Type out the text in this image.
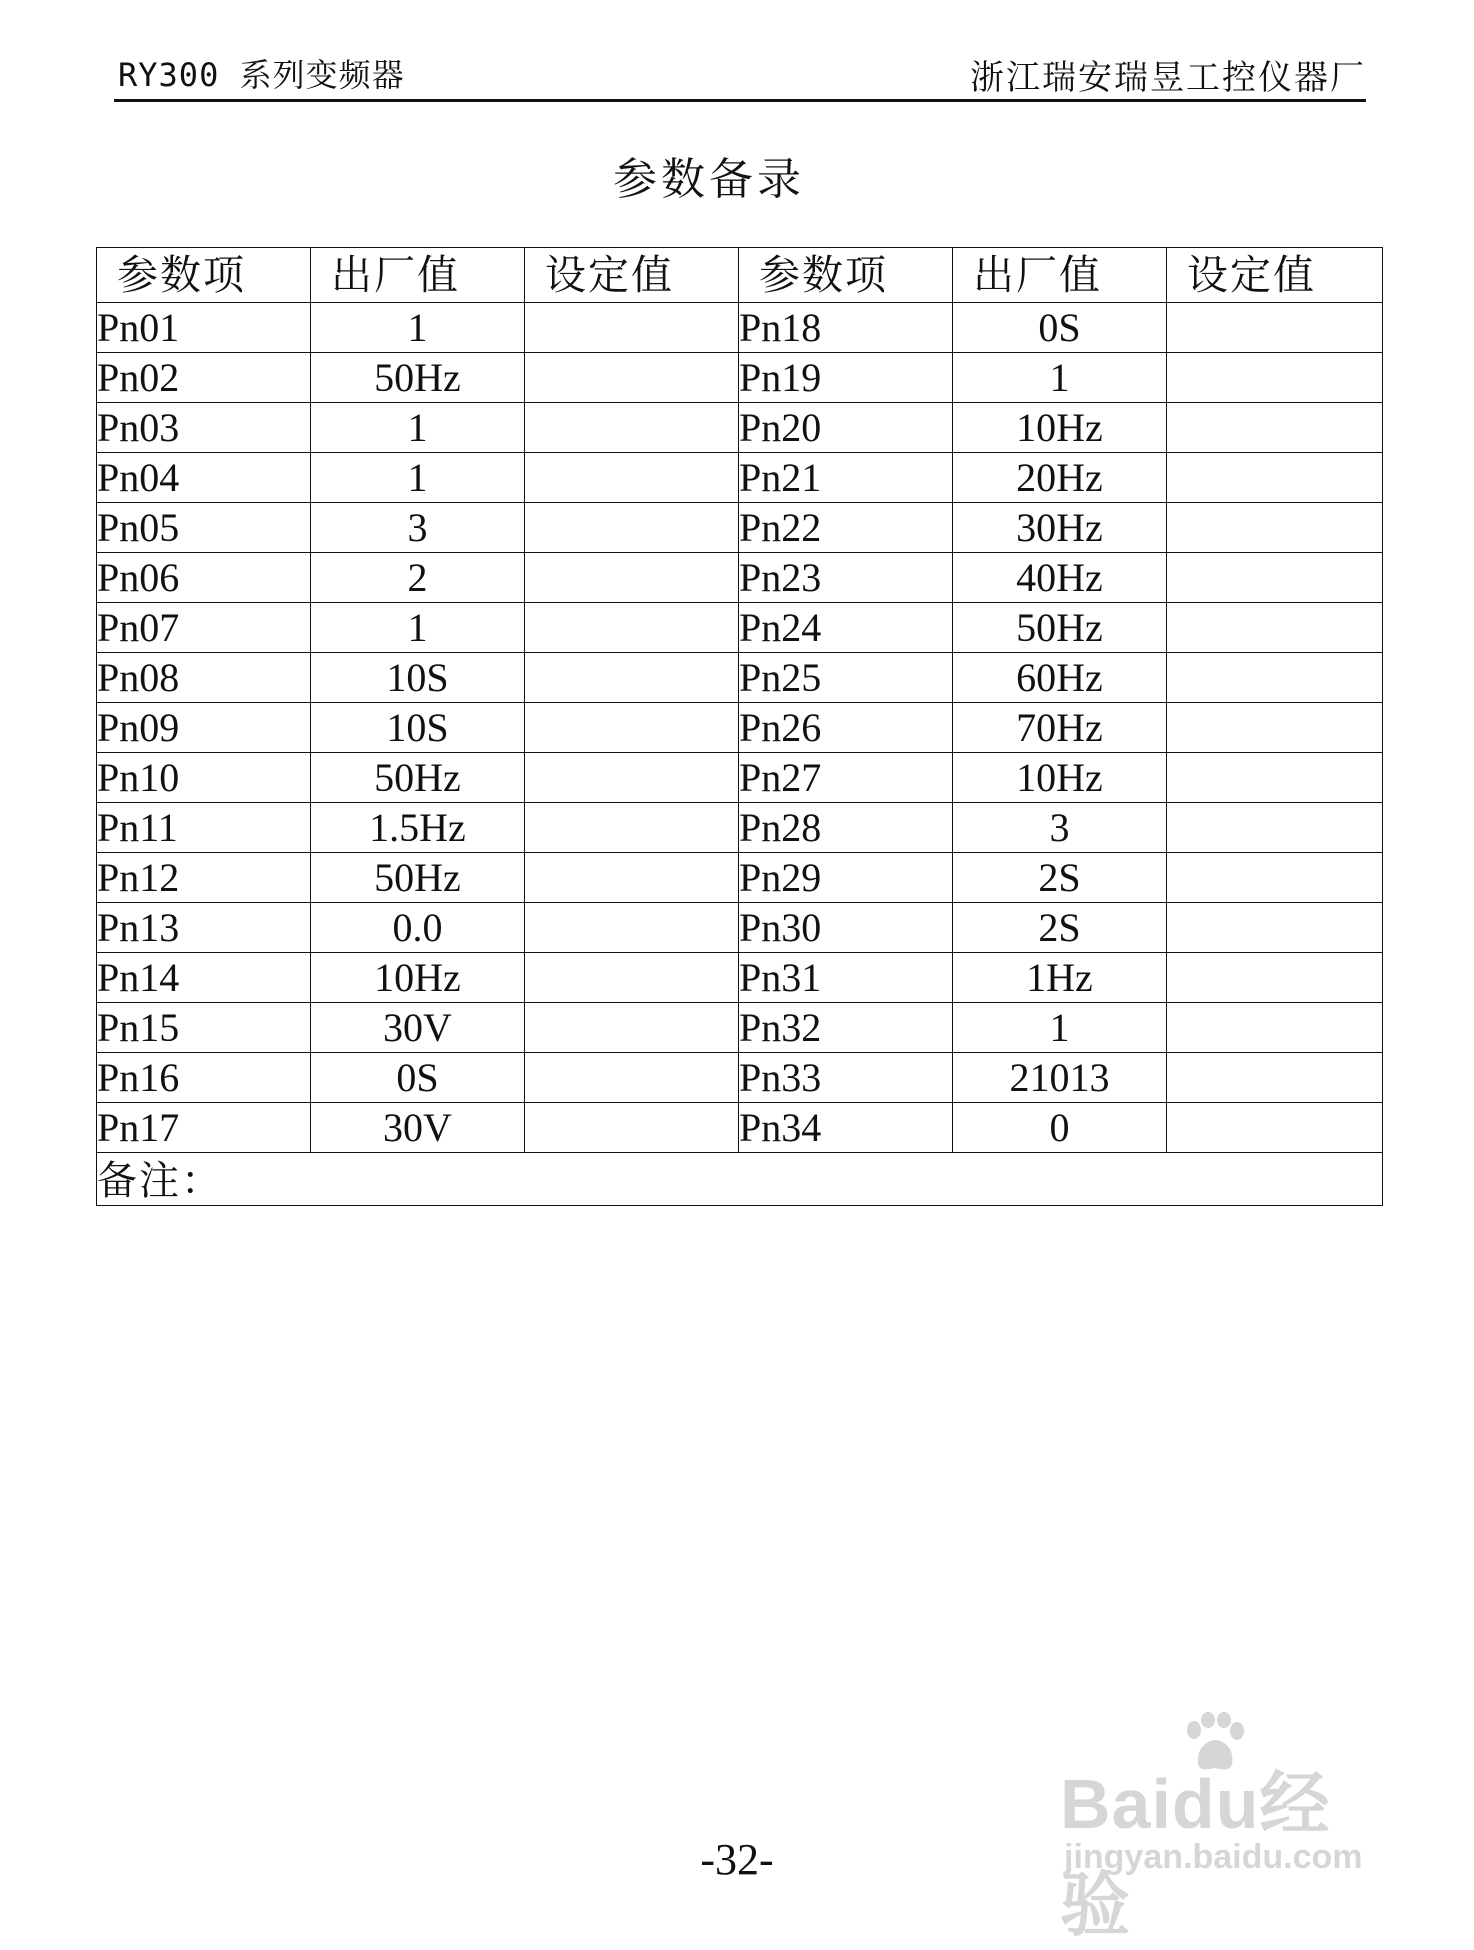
RY300 系列变频器	浙江瑞安瑞昱工控仪器厂
参数备录
参数项	出厂值	设定值	参数项	出厂值	设定值
Pn01	1		Pn18	0S	
Pn02	50Hz		Pn19	1	
Pn03	1		Pn20	10Hz	
Pn04	1		Pn21	20Hz	
Pn05	3		Pn22	30Hz	
Pn06	2		Pn23	40Hz	
Pn07	1		Pn24	50Hz	
Pn08	10S		Pn25	60Hz	
Pn09	10S		Pn26	70Hz	
Pn10	50Hz		Pn27	10Hz	
Pn11	1.5Hz		Pn28	3	
Pn12	50Hz		Pn29	2S	
Pn13	0.0		Pn30	2S	
Pn14	10Hz		Pn31	1Hz	
Pn15	30V		Pn32	1	
Pn16	0S		Pn33	21013	
Pn17	30V		Pn34	0	
备注：					
-32-
Baidu经验
jingyan.baidu.com
